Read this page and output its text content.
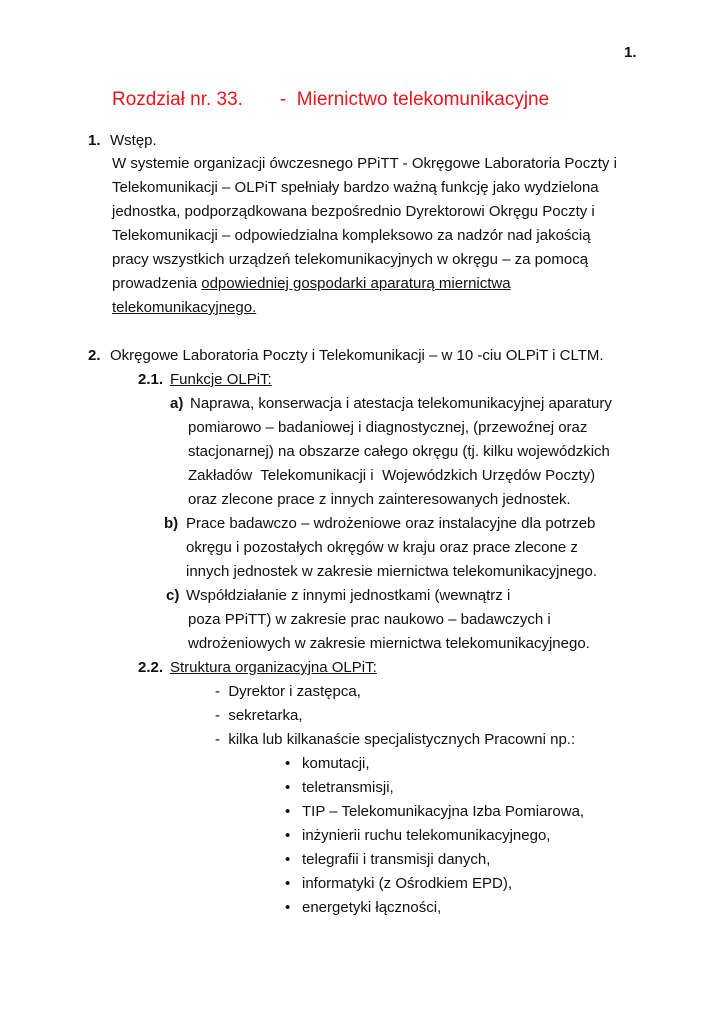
1.
Rozdział nr. 33.       -  Miernictwo telekomunikacyjne
1. Wstęp.
W systemie organizacji ówczesnego PPiTT - Okręgowe Laboratoria Poczty i
Telekomunikacji – OLPiT spełniały bardzo ważną funkcję jako wydzielona
jednostka, podporządkowana bezpośrednio Dyrektorowi Okręgu Poczty i
Telekomunikacji – odpowiedzialna kompleksowo za nadzór nad jakością
pracy wszystkich urządzeń telekomunikacyjnych w okręgu – za pomocą
prowadzenia odpowiedniej gospodarki aparaturą miernictwa
telekomunikacyjnego.
2. Okręgowe Laboratoria Poczty i Telekomunikacji – w 10 -ciu OLPiT i CLTM.
2.1. Funkcje OLPiT:
a) Naprawa, konserwacja i atestacja telekomunikacyjnej aparatury
pomiarowo – badaniowej i diagnostycznej, (przewoźnej oraz
stacjonarnej) na obszarze całego okręgu (tj. kilku wojewódzkich
Zakładów  Telekomunikacji i  Wojewódzkich Urzędów Poczty)
oraz zlecone prace z innych zainteresowanych jednostek.
b) Prace badawczo – wdrożeniowe oraz instalacyjne dla potrzeb
okręgu i pozostałych okręgów w kraju oraz prace zlecone z
innych jednostek w zakresie miernictwa telekomunikacyjnego.
c) Współdziałanie z innymi jednostkami (wewnątrz i
poza PPiTT) w zakresie prac naukowo – badawczych i
wdrożeniowych w zakresie miernictwa telekomunikacyjnego.
2.2. Struktura organizacyjna OLPiT:
-  Dyrektor i zastępca,
-  sekretarka,
-  kilka lub kilkanaście specjalistycznych Pracowni np.:
• komutacji,
• teletransmisji,
• TIP – Telekomunikacyjna Izba Pomiarowa,
• inżynierii ruchu telekomunikacyjnego,
• telegrafii i transmisji danych,
• informatyki (z Ośrodkiem EPD),
• energetyki łączności,
